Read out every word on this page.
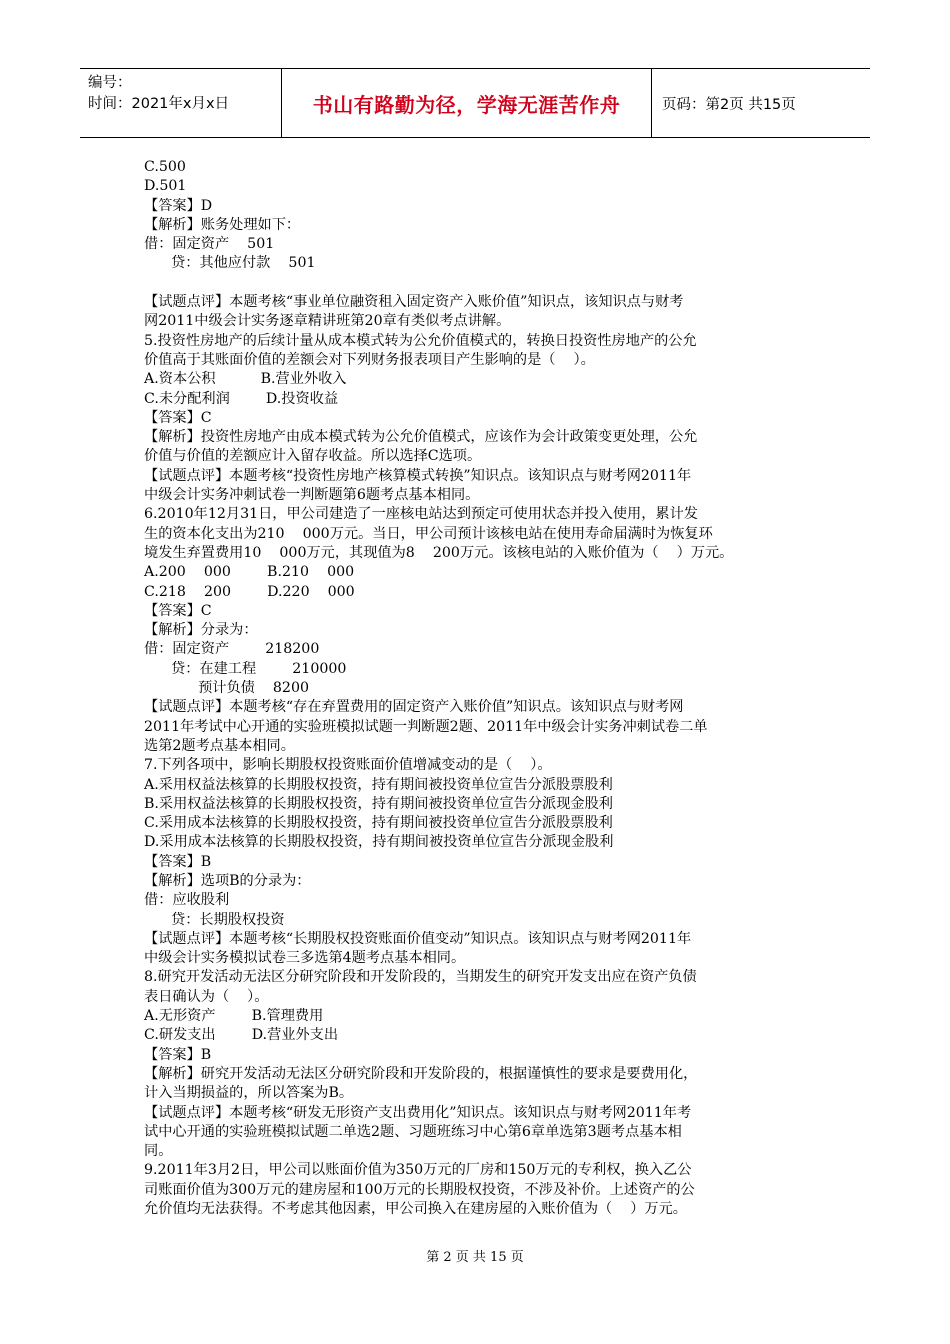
编号：
时间：2021年x月x日	书山有路勤为径，学海无涯苦作舟	页码：第2页 共15页
C.500
D.501
【答案】D
【解析】账务处理如下：
借：固定资产    501
贷：其他应付款    501
【试题点评】本题考核“事业单位融资租入固定资产入账价值”知识点，该知识点与财考
网2011中级会计实务逐章精讲班第20章有类似考点讲解。
5.投资性房地产的后续计量从成本模式转为公允价值模式的，转换日投资性房地产的公允
价值高于其账面价值的差额会对下列财务报表项目产生影响的是（    ）。
A.资本公积          B.营业外收入
C.未分配利润        D.投资收益
【答案】C
【解析】投资性房地产由成本模式转为公允价值模式，应该作为会计政策变更处理，公允
价值与价值的差额应计入留存收益。所以选择C选项。
【试题点评】本题考核“投资性房地产核算模式转换”知识点。该知识点与财考网2011年
中级会计实务冲刺试卷一判断题第6题考点基本相同。
6.2010年12月31日，甲公司建造了一座核电站达到预定可使用状态并投入使用，累计发
生的资本化支出为210    000万元。当日，甲公司预计该核电站在使用寿命届满时为恢复环
境发生弃置费用10    000万元，其现值为8    200万元。该核电站的入账价值为（    ）万元。
A.200    000        B.210    000
C.218    200        D.220    000
【答案】C
【解析】分录为：
借：固定资产        218200
贷：在建工程        210000
预计负债    8200
【试题点评】本题考核“存在弃置费用的固定资产入账价值”知识点。该知识点与财考网
2011年考试中心开通的实验班模拟试题一判断题2题、2011年中级会计实务冲刺试卷二单
选第2题考点基本相同。
7.下列各项中，影响长期股权投资账面价值增减变动的是（    ）。
A.采用权益法核算的长期股权投资，持有期间被投资单位宣告分派股票股利
B.采用权益法核算的长期股权投资，持有期间被投资单位宣告分派现金股利
C.采用成本法核算的长期股权投资，持有期间被投资单位宣告分派股票股利
D.采用成本法核算的长期股权投资，持有期间被投资单位宣告分派现金股利
【答案】B
【解析】选项B的分录为：
借：应收股利
贷：长期股权投资
【试题点评】本题考核“长期股权投资账面价值变动”知识点。该知识点与财考网2011年
中级会计实务模拟试卷三多选第4题考点基本相同。
8.研究开发活动无法区分研究阶段和开发阶段的，当期发生的研究开发支出应在资产负债
表日确认为（    ）。
A.无形资产        B.管理费用
C.研发支出        D.营业外支出
【答案】B
【解析】研究开发活动无法区分研究阶段和开发阶段的，根据谨慎性的要求是要费用化，
计入当期损益的，所以答案为B。
【试题点评】本题考核“研发无形资产支出费用化”知识点。该知识点与财考网2011年考
试中心开通的实验班模拟试题二单选2题、习题班练习中心第6章单选第3题考点基本相
同。
9.2011年3月2日，甲公司以账面价值为350万元的厂房和150万元的专利权，换入乙公
司账面价值为300万元的建房屋和100万元的长期股权投资，不涉及补价。上述资产的公
允价值均无法获得。不考虑其他因素，甲公司换入在建房屋的入账价值为（    ）万元。
第 2 页 共 15 页
